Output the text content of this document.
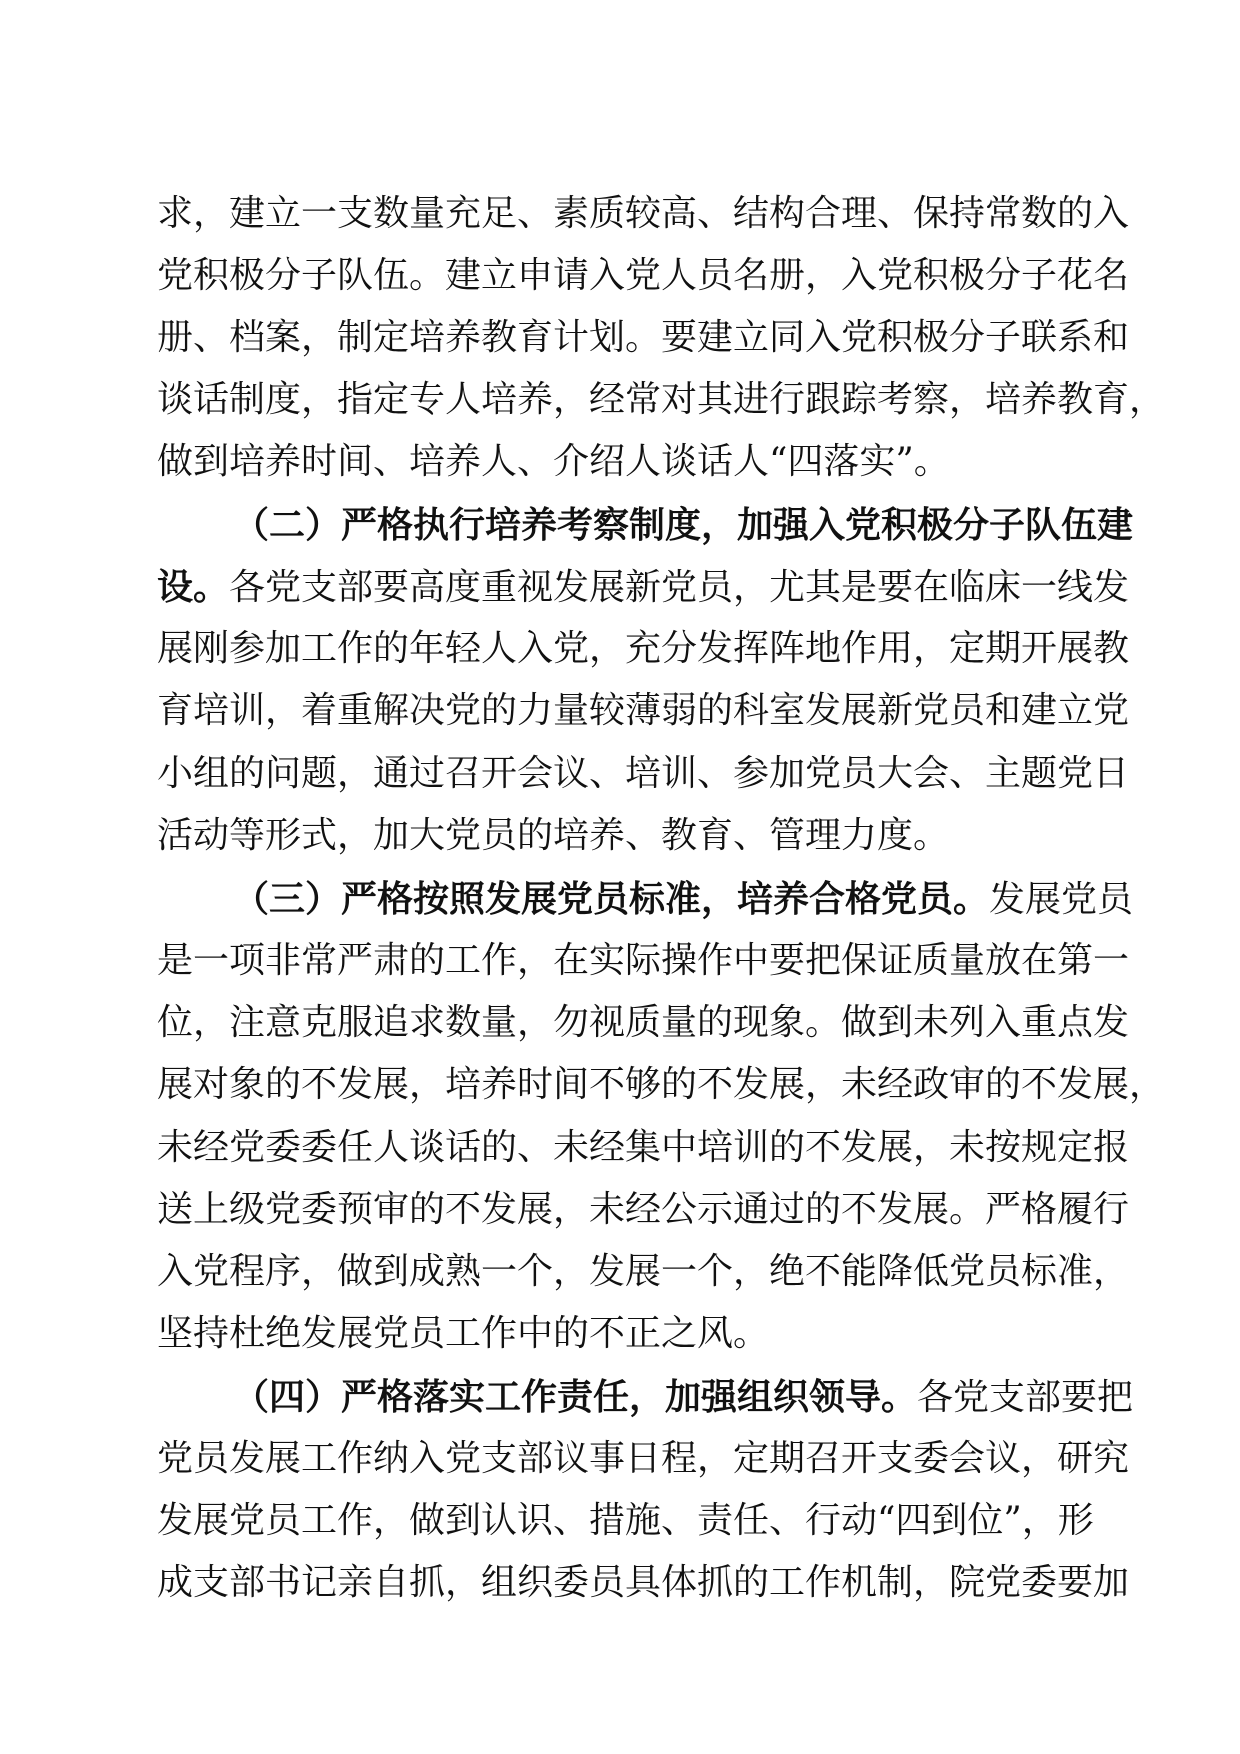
求，建立一支数量充足、素质较高、结构合理、保持常数的入
党积极分子队伍。建立申请入党人员名册，入党积极分子花名
册、档案，制定培养教育计划。要建立同入党积极分子联系和
谈话制度，指定专人培养，经常对其进行跟踪考察，培养教育，
做到培养时间、培养人、介绍人谈话人“四落实”。
（二）严格执行培养考察制度，加强入党积极分子队伍建
设。各党支部要高度重视发展新党员，尤其是要在临床一线发
展刚参加工作的年轻人入党，充分发挥阵地作用，定期开展教
育培训，着重解决党的力量较薄弱的科室发展新党员和建立党
小组的问题，通过召开会议、培训、参加党员大会、主题党日
活动等形式，加大党员的培养、教育、管理力度。
（三）严格按照发展党员标准，培养合格党员。发展党员
是一项非常严肃的工作，在实际操作中要把保证质量放在第一
位，注意克服追求数量，勿视质量的现象。做到未列入重点发
展对象的不发展，培养时间不够的不发展，未经政审的不发展，
未经党委委任人谈话的、未经集中培训的不发展，未按规定报
送上级党委预审的不发展，未经公示通过的不发展。严格履行
入党程序，做到成熟一个，发展一个，绝不能降低党员标准，
坚持杜绝发展党员工作中的不正之风。
（四）严格落实工作责任，加强组织领导。各党支部要把
党员发展工作纳入党支部议事日程，定期召开支委会议，研究
发展党员工作，做到认识、措施、责任、行动“四到位”，形
成支部书记亲自抓，组织委员具体抓的工作机制，院党委要加
